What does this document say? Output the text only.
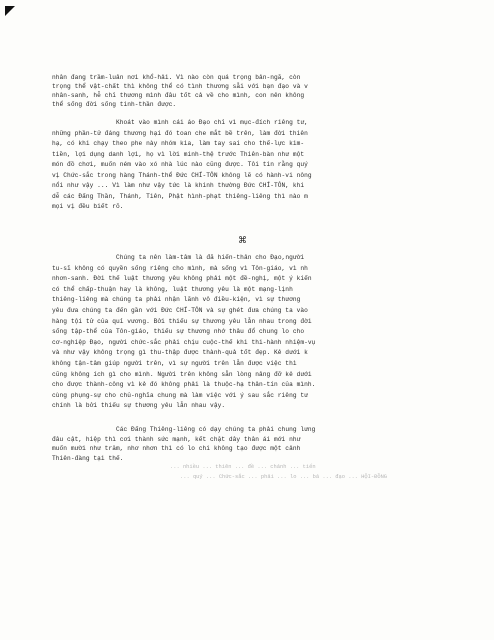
nhân đang trầm-luân nơi khổ-hải. Vì nào còn quá trọng bản-ngã, còn
trọng thể vật-chất thì không thể có tình thương sẵi với bạn đạo và v
nhân-sanh, hễ chỉ thương mình đâu tốt cả về cho mình, con nên không
thể sống đời sống tinh-thần được.
Khoát vào mình cái áo Đạo chỉ vì mục-đích riêng tư,
những phần-tử đáng thương hại đó toan che mắt bề trên, làm đời thiên
hạ, có khi chạy theo phe này nhóm kia, làm tay sai cho thế-lực kim-
tiền, lợi dụng danh lợi, họ vì lời minh-thệ trước Thiên-bàn như một
món đồ chơi, muốn ném vào xó nhà lúc nào cũng được. Tôi tin rằng quý
vị Chức-sắc trong hàng Thánh-thể Đức CHÍ-TÔN không lẽ có hành-vi nông
nổi như vậy ... Vì làm như vậy tức là khinh thường Đức CHÍ-TÔN, khi
dễ các Đấng Thần, Thánh, Tiên, Phật hình-phạt thiêng-liêng thì nào m
mọi vị đều biết rõ.
⌘
Chúng ta nên làm-tâm là đã hiến-thân cho Đạo,người
tu-sĩ không có quyền sống riêng cho mình, mà sống vì Tôn-giáo, vì nh
nhơn-sanh. Đời thế luật thương yêu không phải một đề-nghị, một ý kiến
có thể chấp-thuận hay là không, luật thương yêu là một mạng-lịnh
thiêng-liêng mà chúng ta phải nhận lãnh vô điều-kiện, vì sự thương
yêu đưa chúng ta đến gần với Đức CHÍ-TÔN và sự ghét đưa chúng ta vào
hàng tội tử của quỉ vương. Bởi thiếu sự thương yêu lẫn nhau trong đời
sống tập-thể của Tôn-giáo, thiếu sự thương nhớ thâu đổ chung lo cho
cơ-nghiệp Đạo, người chức-sắc phải chịu cuộc-thế khi thi-hành nhiệm-vụ
và như vậy không trọng gì thu-thập được thành-quả tốt đẹp. Kẻ dưới k
không tận-tâm giúp người trên, vì sự người trên lẫn được việc thì
cũng không ích gì cho mình. Người trên không sẵn lòng nâng đỡ kẻ dưới
cho được thành-công vì kẻ đó không phải là thuộc-hạ thân-tín của mình.
cùng phụng-sự cho chủ-nghĩa chung mà làm việc với ý sau sắc riêng tư
chính là bởi thiếu sự thương yêu lẫn nhau vậy.
Các Đấng Thiêng-liêng có dạy chúng ta phải chung lưng
đâu cật, hiệp thì cơi thành sức mạnh, kết chặt dây thân ái mới như
muốn mười như trăm, nhơ nhơn thì có lo chi không tạo được một cảnh
Thiên-đàng tại thế.
... nhiều ... thiên ... đề ... chánh ... tiến
... quý ... Chức-sắc ... phải ... lo ... bá ... đạo ... HỘI-ĐỒNG
